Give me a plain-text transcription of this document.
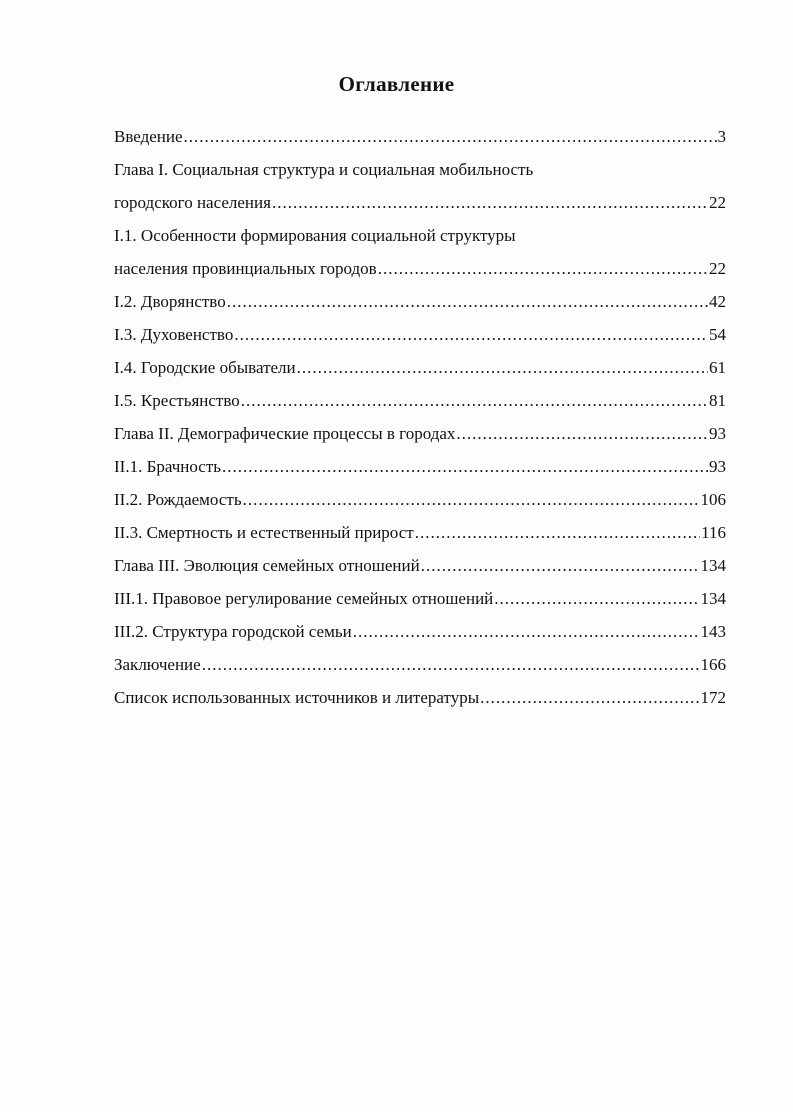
Оглавление
Введение .....	3
Глава I. Социальная структура и социальная мобильность
городского населения .....	22
I.1. Особенности формирования социальной структуры
населения провинциальных городов .....	22
I.2. Дворянство .....	42
I.3. Духовенство .....	54
I.4. Городские обыватели .....	61
I.5. Крестьянство .....	81
Глава II. Демографические процессы в городах .....	93
II.1. Брачность .....	93
II.2. Рождаемость .....	106
II.3. Смертность и естественный прирост .....	116
Глава III. Эволюция семейных отношений .....	134
III.1. Правовое регулирование семейных отношений .....	134
III.2. Структура городской семьи .....	143
Заключение .....	166
Список использованных источников и литературы .....	172
